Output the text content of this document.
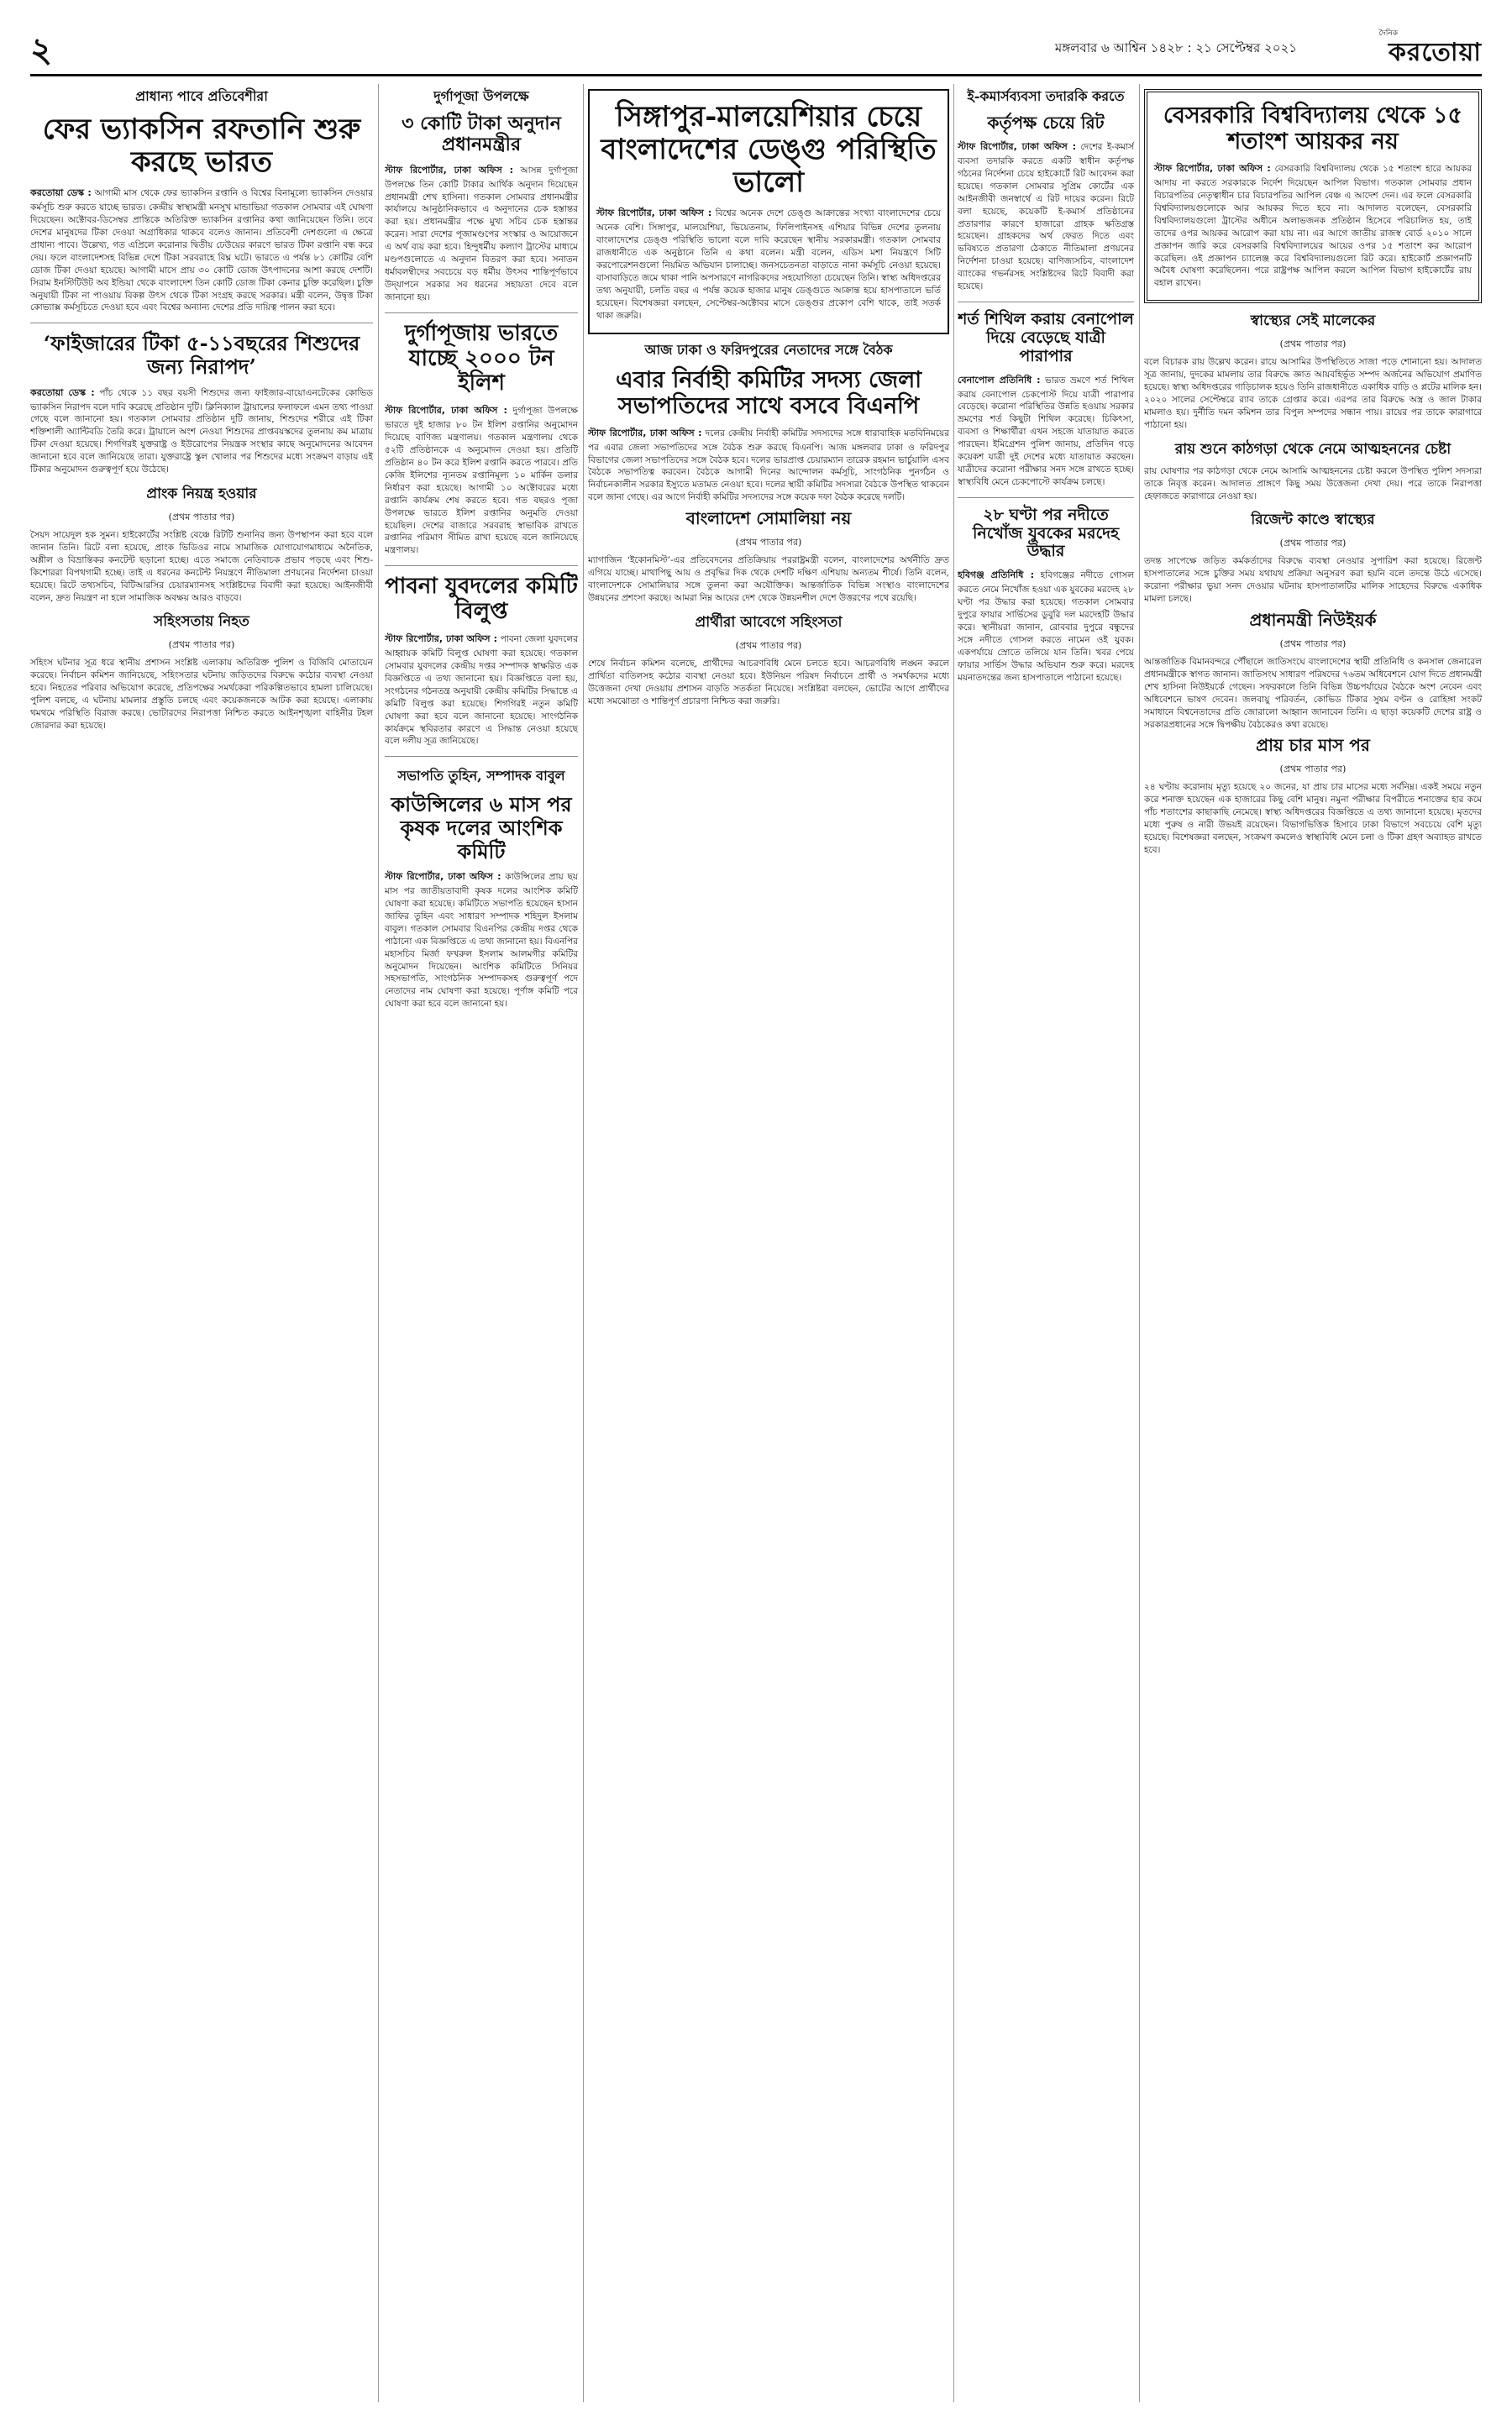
২	মঙ্গলবার ৬ আশ্বিন ১৪২৮ : ২১ সেপ্টেম্বর ২০২১
দৈনিক
করতোয়া
প্রাধান্য পাবে প্রতিবেশীরা
ফের ভ্যাকসিন রফতানি শুরু করছে ভারত

করতোয়া ডেস্ক : আগামী মাস থেকে ফের ভ্যাকসিন রপ্তানি ও বিশ্বের বিনামূল্যে ভ্যাকসিন দেওয়ার কর্মসূচি শুরু করতে যাচ্ছে ভারত। কেন্দ্রীয় স্বাস্থ্যমন্ত্রী মনসুখ মান্ডাভিয়া গতকাল সোমবার এই ঘোষণা দিয়েছেন। অক্টোবর-ডিসেম্বর প্রান্তিকে অতিরিক্ত ভ্যাকসিন রপ্তানির কথা জানিয়েছেন তিনি। তবে দেশের মানুষদের টিকা দেওয়া অগ্রাধিকার থাকবে বলেও জানান। প্রতিবেশী দেশগুলো এ ক্ষেত্রে প্রাধান্য পাবে। উল্লেখ্য, গত এপ্রিলে করোনার দ্বিতীয় ঢেউয়ের কারণে ভারত টিকা রপ্তানি বন্ধ করে দেয়। ফলে বাংলাদেশসহ বিভিন্ন দেশে টিকা সরবরাহে বিঘ্ন ঘটে। ভারতে এ পর্যন্ত ৮১ কোটির বেশি ডোজ টিকা দেওয়া হয়েছে। আগামী মাসে প্রায় ৩০ কোটি ডোজ উৎপাদনের আশা করছে দেশটি। সিরাম ইনস্টিটিউট অব ইন্ডিয়া থেকে বাংলাদেশ তিন কোটি ডোজ টিকা কেনার চুক্তি করেছিল। চুক্তি অনুযায়ী টিকা না পাওয়ায় বিকল্প উৎস থেকে টিকা সংগ্রহ করছে সরকার। মন্ত্রী বলেন, উদ্বৃত্ত টিকা কোভ্যাক্স কর্মসূচিতে দেওয়া হবে এবং বিশ্বের অন্যান্য দেশের প্রতি দায়িত্ব পালন করা হবে।

‘ফাইজারের টিকা ৫-১১বছরের শিশুদের জন্য নিরাপদ’

করতোয়া ডেস্ক : পাঁচ থেকে ১১ বছর বয়সী শিশুদের জন্য ফাইজার-বায়োএনটেকের কোভিড ভ্যাকসিন নিরাপদ বলে দাবি করেছে প্রতিষ্ঠান দুটি। ক্লিনিক্যাল ট্রায়ালের ফলাফলে এমন তথ্য পাওয়া গেছে বলে জানানো হয়। গতকাল সোমবার প্রতিষ্ঠান দুটি জানায়, শিশুদের শরীরে এই টিকা শক্তিশালী অ্যান্টিবডি তৈরি করে। ট্রায়ালে অংশ নেওয়া শিশুদের প্রাপ্তবয়স্কদের তুলনায় কম মাত্রায় টিকা দেওয়া হয়েছে। শিগগিরই যুক্তরাষ্ট্র ও ইউরোপের নিয়ন্ত্রক সংস্থার কাছে অনুমোদনের আবেদন জানানো হবে বলে জানিয়েছে তারা। যুক্তরাষ্ট্রে স্কুল খোলার পর শিশুদের মধ্যে সংক্রমণ বাড়ায় এই টিকার অনুমোদন গুরুত্বপূর্ণ হয়ে উঠেছে।

প্রাংক নিয়ন্ত্র হওয়ার
(প্রথম পাতার পর)

সৈয়দ সায়েদুল হক সুমন। হাইকোর্টের সংশ্লিষ্ট বেঞ্চে রিটটি শুনানির জন্য উপস্থাপন করা হবে বলে জানান তিনি। রিটে বলা হয়েছে, প্রাংক ভিডিওর নামে সামাজিক যোগাযোগমাধ্যমে অনৈতিক, অশ্লীল ও বিভ্রান্তিকর কনটেন্ট ছড়ানো হচ্ছে। এতে সমাজে নেতিবাচক প্রভাব পড়ছে এবং শিশু-কিশোররা বিপথগামী হচ্ছে। তাই এ ধরনের কনটেন্ট নিয়ন্ত্রণে নীতিমালা প্রণয়নের নির্দেশনা চাওয়া হয়েছে। রিটে তথ্যসচিব, বিটিআরসির চেয়ারম্যানসহ সংশ্লিষ্টদের বিবাদী করা হয়েছে। আইনজীবী বলেন, দ্রুত নিয়ন্ত্রণ না হলে সামাজিক অবক্ষয় আরও বাড়বে।

সহিংসতায় নিহত
(প্রথম পাতার পর)

সহিংস ঘটনার সূত্র ধরে স্থানীয় প্রশাসন সংশ্লিষ্ট এলাকায় অতিরিক্ত পুলিশ ও বিজিবি মোতায়েন করেছে। নির্বাচন কমিশন জানিয়েছে, সহিংসতার ঘটনায় জড়িতদের বিরুদ্ধে কঠোর ব্যবস্থা নেওয়া হবে। নিহতের পরিবার অভিযোগ করেছে, প্রতিপক্ষের সমর্থকেরা পরিকল্পিতভাবে হামলা চালিয়েছে। পুলিশ বলছে, এ ঘটনায় মামলার প্রস্তুতি চলছে এবং কয়েকজনকে আটক করা হয়েছে। এলাকায় থমথমে পরিস্থিতি বিরাজ করছে। ভোটারদের নিরাপত্তা নিশ্চিত করতে আইনশৃঙ্খলা বাহিনীর টহল জোরদার করা হয়েছে।

দুর্গাপূজা উপলক্ষে
৩ কোটি টাকা অনুদান প্রধানমন্ত্রীর

স্টাফ রিপোর্টার, ঢাকা অফিস : আসন্ন দুর্গাপূজা উপলক্ষে তিন কোটি টাকার আর্থিক অনুদান দিয়েছেন প্রধানমন্ত্রী শেখ হাসিনা। গতকাল সোমবার প্রধানমন্ত্রীর কার্যালয়ে আনুষ্ঠানিকভাবে এ অনুদানের চেক হস্তান্তর করা হয়। প্রধানমন্ত্রীর পক্ষে মুখ্য সচিব চেক হস্তান্তর করেন। সারা দেশের পূজামণ্ডপের সংস্কার ও আয়োজনে এ অর্থ ব্যয় করা হবে। হিন্দুধর্মীয় কল্যাণ ট্রাস্টের মাধ্যমে মণ্ডপগুলোতে এ অনুদান বিতরণ করা হবে। সনাতন ধর্মাবলম্বীদের সবচেয়ে বড় ধর্মীয় উৎসব শান্তিপূর্ণভাবে উদ্‌যাপনে সরকার সব ধরনের সহায়তা দেবে বলে জানানো হয়।

দুর্গাপূজায় ভারতে যাচ্ছে ২০০০ টন ইলিশ

স্টাফ রিপোর্টার, ঢাকা অফিস : দুর্গাপূজা উপলক্ষে ভারতে দুই হাজার ৮০ টন ইলিশ রপ্তানির অনুমোদন দিয়েছে বাণিজ্য মন্ত্রণালয়। গতকাল মন্ত্রণালয় থেকে ৫২টি প্রতিষ্ঠানকে এ অনুমোদন দেওয়া হয়। প্রতিটি প্রতিষ্ঠান ৪০ টন করে ইলিশ রপ্তানি করতে পারবে। প্রতি কেজি ইলিশের ন্যূনতম রপ্তানিমূল্য ১০ মার্কিন ডলার নির্ধারণ করা হয়েছে। আগামী ১০ অক্টোবরের মধ্যে রপ্তানি কার্যক্রম শেষ করতে হবে। গত বছরও পূজা উপলক্ষে ভারতে ইলিশ রপ্তানির অনুমতি দেওয়া হয়েছিল। দেশের বাজারে সরবরাহ স্বাভাবিক রাখতে রপ্তানির পরিমাণ সীমিত রাখা হয়েছে বলে জানিয়েছে মন্ত্রণালয়।

পাবনা যুবদলের কমিটি বিলুপ্ত

স্টাফ রিপোর্টার, ঢাকা অফিস : পাবনা জেলা যুবদলের আহ্বায়ক কমিটি বিলুপ্ত ঘোষণা করা হয়েছে। গতকাল সোমবার যুবদলের কেন্দ্রীয় দপ্তর সম্পাদক স্বাক্ষরিত এক বিজ্ঞপ্তিতে এ তথ্য জানানো হয়। বিজ্ঞপ্তিতে বলা হয়, সংগঠনের গঠনতন্ত্র অনুযায়ী কেন্দ্রীয় কমিটির সিদ্ধান্তে এ কমিটি বিলুপ্ত করা হয়েছে। শিগগিরই নতুন কমিটি ঘোষণা করা হবে বলে জানানো হয়েছে। সাংগঠনিক কার্যক্রমে স্থবিরতার কারণে এ সিদ্ধান্ত নেওয়া হয়েছে বলে দলীয় সূত্র জানিয়েছে।

সভাপতি তুহিন, সম্পাদক বাবুল
কাউন্সিলের ৬ মাস পর কৃষক দলের আংশিক কমিটি

স্টাফ রিপোর্টার, ঢাকা অফিস : কাউন্সিলের প্রায় ছয় মাস পর জাতীয়তাবাদী কৃষক দলের আংশিক কমিটি ঘোষণা করা হয়েছে। কমিটিতে সভাপতি হয়েছেন হাসান জাফির তুহিন এবং সাধারণ সম্পাদক শহিদুল ইসলাম বাবুল। গতকাল সোমবার বিএনপির কেন্দ্রীয় দপ্তর থেকে পাঠানো এক বিজ্ঞপ্তিতে এ তথ্য জানানো হয়। বিএনপির মহাসচিব মির্জা ফখরুল ইসলাম আলমগীর কমিটির অনুমোদন দিয়েছেন। আংশিক কমিটিতে সিনিয়র সহসভাপতি, সাংগঠনিক সম্পাদকসহ গুরুত্বপূর্ণ পদে নেতাদের নাম ঘোষণা করা হয়েছে। পূর্ণাঙ্গ কমিটি পরে ঘোষণা করা হবে বলে জানানো হয়।

সিঙ্গাপুর-মালয়েশিয়ার চেয়ে বাংলাদেশের ডেঙ্গু পরিস্থিতি ভালো

স্টাফ রিপোর্টার, ঢাকা অফিস : বিশ্বের অনেক দেশে ডেঙ্গু আক্রান্তের সংখ্যা বাংলাদেশের চেয়ে অনেক বেশি। সিঙ্গাপুর, মালয়েশিয়া, ভিয়েতনাম, ফিলিপাইনসহ এশিয়ার বিভিন্ন দেশের তুলনায় বাংলাদেশের ডেঙ্গু পরিস্থিতি ভালো বলে দাবি করেছেন স্থানীয় সরকারমন্ত্রী। গতকাল সোমবার রাজধানীতে এক অনুষ্ঠানে তিনি এ কথা বলেন। মন্ত্রী বলেন, এডিস মশা নিয়ন্ত্রণে সিটি করপোরেশনগুলো নিয়মিত অভিযান চালাচ্ছে। জনসচেতনতা বাড়াতে নানা কর্মসূচি নেওয়া হয়েছে। বাসাবাড়িতে জমে থাকা পানি অপসারণে নাগরিকদের সহযোগিতা চেয়েছেন তিনি। স্বাস্থ্য অধিদপ্তরের তথ্য অনুযায়ী, চলতি বছর এ পর্যন্ত কয়েক হাজার মানুষ ডেঙ্গুতে আক্রান্ত হয়ে হাসপাতালে ভর্তি হয়েছেন। বিশেষজ্ঞরা বলছেন, সেপ্টেম্বর-অক্টোবর মাসে ডেঙ্গুর প্রকোপ বেশি থাকে, তাই সতর্ক থাকা জরুরি।

আজ ঢাকা ও ফরিদপুরের নেতাদের সঙ্গে বৈঠক
এবার নির্বাহী কমিটির সদস্য জেলা সভাপতিদের সাথে বসবে বিএনপি

স্টাফ রিপোর্টার, ঢাকা অফিস : দলের কেন্দ্রীয় নির্বাহী কমিটির সদস্যদের সঙ্গে ধারাবাহিক মতবিনিময়ের পর এবার জেলা সভাপতিদের সঙ্গে বৈঠক শুরু করছে বিএনপি। আজ মঙ্গলবার ঢাকা ও ফরিদপুর বিভাগের জেলা সভাপতিদের সঙ্গে বৈঠক হবে। দলের ভারপ্রাপ্ত চেয়ারম্যান তারেক রহমান ভার্চুয়ালি এসব বৈঠকে সভাপতিত্ব করবেন। বৈঠকে আগামী দিনের আন্দোলন কর্মসূচি, সাংগঠনিক পুনর্গঠন ও নির্বাচনকালীন সরকার ইস্যুতে মতামত নেওয়া হবে। দলের স্থায়ী কমিটির সদস্যরা বৈঠকে উপস্থিত থাকবেন বলে জানা গেছে। এর আগে নির্বাহী কমিটির সদস্যদের সঙ্গে কয়েক দফা বৈঠক করেছে দলটি।

বাংলাদেশ সোমালিয়া নয়
(প্রথম পাতার পর)

ম্যাগাজিন ‘ইকোনমিস্ট’-এর প্রতিবেদনের প্রতিক্রিয়ায় পররাষ্ট্রমন্ত্রী বলেন, বাংলাদেশের অর্থনীতি দ্রুত এগিয়ে যাচ্ছে। মাথাপিছু আয় ও প্রবৃদ্ধির দিক থেকে দেশটি দক্ষিণ এশিয়ায় অন্যতম শীর্ষে। তিনি বলেন, বাংলাদেশকে সোমালিয়ার সঙ্গে তুলনা করা অযৌক্তিক। আন্তর্জাতিক বিভিন্ন সংস্থাও বাংলাদেশের উন্নয়নের প্রশংসা করছে। আমরা নিম্ন আয়ের দেশ থেকে উন্নয়নশীল দেশে উত্তরণের পথে রয়েছি।

প্রার্থীরা আবেগে সহিংসতা
(প্রথম পাতার পর)

শেষে নির্বাচন কমিশন বলেছে, প্রার্থীদের আচরণবিধি মেনে চলতে হবে। আচরণবিধি লঙ্ঘন করলে প্রার্থিতা বাতিলসহ কঠোর ব্যবস্থা নেওয়া হবে। ইউনিয়ন পরিষদ নির্বাচনে প্রার্থী ও সমর্থকদের মধ্যে উত্তেজনা দেখা দেওয়ায় প্রশাসন বাড়তি সতর্কতা নিয়েছে। সংশ্লিষ্টরা বলছেন, ভোটের আগে প্রার্থীদের মধ্যে সমঝোতা ও শান্তিপূর্ণ প্রচারণা নিশ্চিত করা জরুরি।

ই-কমার্সব্যবসা তদারকি করতে
কর্তৃপক্ষ চেয়ে রিট

স্টাফ রিপোর্টার, ঢাকা অফিস : দেশের ই-কমার্স ব্যবসা তদারকি করতে একটি স্বাধীন কর্তৃপক্ষ গঠনের নির্দেশনা চেয়ে হাইকোর্টে রিট আবেদন করা হয়েছে। গতকাল সোমবার সুপ্রিম কোর্টের এক আইনজীবী জনস্বার্থে এ রিট দায়ের করেন। রিটে বলা হয়েছে, কয়েকটি ই-কমার্স প্রতিষ্ঠানের প্রতারণার কারণে হাজারো গ্রাহক ক্ষতিগ্রস্ত হয়েছেন। গ্রাহকদের অর্থ ফেরত দিতে এবং ভবিষ্যতে প্রতারণা ঠেকাতে নীতিমালা প্রণয়নের নির্দেশনা চাওয়া হয়েছে। বাণিজ্যসচিব, বাংলাদেশ ব্যাংকের গভর্নরসহ সংশ্লিষ্টদের রিটে বিবাদী করা হয়েছে।

শর্ত শিথিল করায় বেনাপোল দিয়ে বেড়েছে যাত্রী পারাপার

বেনাপোল প্রতিনিধি : ভারত ভ্রমণে শর্ত শিথিল করায় বেনাপোল চেকপোস্ট দিয়ে যাত্রী পারাপার বেড়েছে। করোনা পরিস্থিতির উন্নতি হওয়ায় সরকার ভ্রমণের শর্ত কিছুটা শিথিল করেছে। চিকিৎসা, ব্যবসা ও শিক্ষার্থীরা এখন সহজে যাতায়াত করতে পারছেন। ইমিগ্রেশন পুলিশ জানায়, প্রতিদিন গড়ে কয়েকশ যাত্রী দুই দেশের মধ্যে যাতায়াত করছেন। যাত্রীদের করোনা পরীক্ষার সনদ সঙ্গে রাখতে হচ্ছে। স্বাস্থ্যবিধি মেনে চেকপোস্টে কার্যক্রম চলছে।

২৮ ঘণ্টা পর নদীতে নিখোঁজ যুবকের মরদেহ উদ্ধার

হবিগঞ্জ প্রতিনিধি : হবিগঞ্জের নদীতে গোসল করতে নেমে নিখোঁজ হওয়া এক যুবকের মরদেহ ২৮ ঘণ্টা পর উদ্ধার করা হয়েছে। গতকাল সোমবার দুপুরে ফায়ার সার্ভিসের ডুবুরি দল মরদেহটি উদ্ধার করে। স্থানীয়রা জানান, রোববার দুপুরে বন্ধুদের সঙ্গে নদীতে গোসল করতে নামেন ওই যুবক। একপর্যায়ে স্রোতে তলিয়ে যান তিনি। খবর পেয়ে ফায়ার সার্ভিস উদ্ধার অভিযান শুরু করে। মরদেহ ময়নাতদন্তের জন্য হাসপাতালে পাঠানো হয়েছে।

বেসরকারি বিশ্ববিদ্যালয় থেকে ১৫ শতাংশ আয়কর নয়

স্টাফ রিপোর্টার, ঢাকা অফিস : বেসরকারি বিশ্ববিদ্যালয় থেকে ১৫ শতাংশ হারে আয়কর আদায় না করতে সরকারকে নির্দেশ দিয়েছেন আপিল বিভাগ। গতকাল সোমবার প্রধান বিচারপতির নেতৃত্বাধীন চার বিচারপতির আপিল বেঞ্চ এ আদেশ দেন। এর ফলে বেসরকারি বিশ্ববিদ্যালয়গুলোকে আর আয়কর দিতে হবে না। আদালত বলেছেন, বেসরকারি বিশ্ববিদ্যালয়গুলো ট্রাস্টের অধীনে অলাভজনক প্রতিষ্ঠান হিসেবে পরিচালিত হয়, তাই তাদের ওপর আয়কর আরোপ করা যায় না। এর আগে জাতীয় রাজস্ব বোর্ড ২০১০ সালে প্রজ্ঞাপন জারি করে বেসরকারি বিশ্ববিদ্যালয়ের আয়ের ওপর ১৫ শতাংশ কর আরোপ করেছিল। ওই প্রজ্ঞাপন চ্যালেঞ্জ করে বিশ্ববিদ্যালয়গুলো রিট করে। হাইকোর্ট প্রজ্ঞাপনটি অবৈধ ঘোষণা করেছিলেন। পরে রাষ্ট্রপক্ষ আপিল করলে আপিল বিভাগ হাইকোর্টের রায় বহাল রাখেন।

স্বাস্থ্যের সেই মালেকের
(প্রথম পাতার পর)

বলে বিচারক রায় উল্লেখ করেন। রায়ে আসামির উপস্থিতিতে সাজা পড়ে শোনানো হয়। আদালত সূত্র জানায়, দুদকের মামলায় তার বিরুদ্ধে জ্ঞাত আয়বহির্ভূত সম্পদ অর্জনের অভিযোগ প্রমাণিত হয়েছে। স্বাস্থ্য অধিদপ্তরের গাড়িচালক হয়েও তিনি রাজধানীতে একাধিক বাড়ি ও প্লটের মালিক হন। ২০২০ সালের সেপ্টেম্বরে র‍্যাব তাকে গ্রেপ্তার করে। এরপর তার বিরুদ্ধে অস্ত্র ও জাল টাকার মামলাও হয়। দুর্নীতি দমন কমিশন তার বিপুল সম্পদের সন্ধান পায়। রায়ের পর তাকে কারাগারে পাঠানো হয়।

রায় শুনে কাঠগড়া থেকে নেমে আত্মহননের চেষ্টা

রায় ঘোষণার পর কাঠগড়া থেকে নেমে আসামি আত্মহননের চেষ্টা করলে উপস্থিত পুলিশ সদস্যরা তাকে নিবৃত্ত করেন। আদালত প্রাঙ্গণে কিছু সময় উত্তেজনা দেখা দেয়। পরে তাকে নিরাপত্তা হেফাজতে কারাগারে নেওয়া হয়।

রিজেন্ট কাণ্ডে স্বাস্থ্যের
(প্রথম পাতার পর)

তদন্ত সাপেক্ষে জড়িত কর্মকর্তাদের বিরুদ্ধে ব্যবস্থা নেওয়ার সুপারিশ করা হয়েছে। রিজেন্ট হাসপাতালের সঙ্গে চুক্তির সময় যথাযথ প্রক্রিয়া অনুসরণ করা হয়নি বলে তদন্তে উঠে এসেছে। করোনা পরীক্ষার ভুয়া সনদ দেওয়ার ঘটনায় হাসপাতালটির মালিক সাহেদের বিরুদ্ধে একাধিক মামলা চলছে।

প্রধানমন্ত্রী নিউইয়র্ক
(প্রথম পাতার পর)

আন্তর্জাতিক বিমানবন্দরে পৌঁছালে জাতিসংঘে বাংলাদেশের স্থায়ী প্রতিনিধি ও কনসাল জেনারেল প্রধানমন্ত্রীকে স্বাগত জানান। জাতিসংঘ সাধারণ পরিষদের ৭৬তম অধিবেশনে যোগ দিতে প্রধানমন্ত্রী শেখ হাসিনা নিউইয়র্কে গেছেন। সফরকালে তিনি বিভিন্ন উচ্চপর্যায়ের বৈঠকে অংশ নেবেন এবং অধিবেশনে ভাষণ দেবেন। জলবায়ু পরিবর্তন, কোভিড টিকার সুষম বণ্টন ও রোহিঙ্গা সংকট সমাধানে বিশ্বনেতাদের প্রতি জোরালো আহ্বান জানাবেন তিনি। এ ছাড়া কয়েকটি দেশের রাষ্ট্র ও সরকারপ্রধানের সঙ্গে দ্বিপক্ষীয় বৈঠকেরও কথা রয়েছে।

প্রায় চার মাস পর
(প্রথম পাতার পর)

২৪ ঘণ্টায় করোনায় মৃত্যু হয়েছে ২০ জনের, যা প্রায় চার মাসের মধ্যে সর্বনিম্ন। একই সময়ে নতুন করে শনাক্ত হয়েছেন এক হাজারের কিছু বেশি মানুষ। নমুনা পরীক্ষার বিপরীতে শনাক্তের হার কমে পাঁচ শতাংশের কাছাকাছি নেমেছে। স্বাস্থ্য অধিদপ্তরের বিজ্ঞপ্তিতে এ তথ্য জানানো হয়েছে। মৃতদের মধ্যে পুরুষ ও নারী উভয়ই রয়েছেন। বিভাগভিত্তিক হিসাবে ঢাকা বিভাগে সবচেয়ে বেশি মৃত্যু হয়েছে। বিশেষজ্ঞরা বলছেন, সংক্রমণ কমলেও স্বাস্থ্যবিধি মেনে চলা ও টিকা গ্রহণ অব্যাহত রাখতে হবে।
